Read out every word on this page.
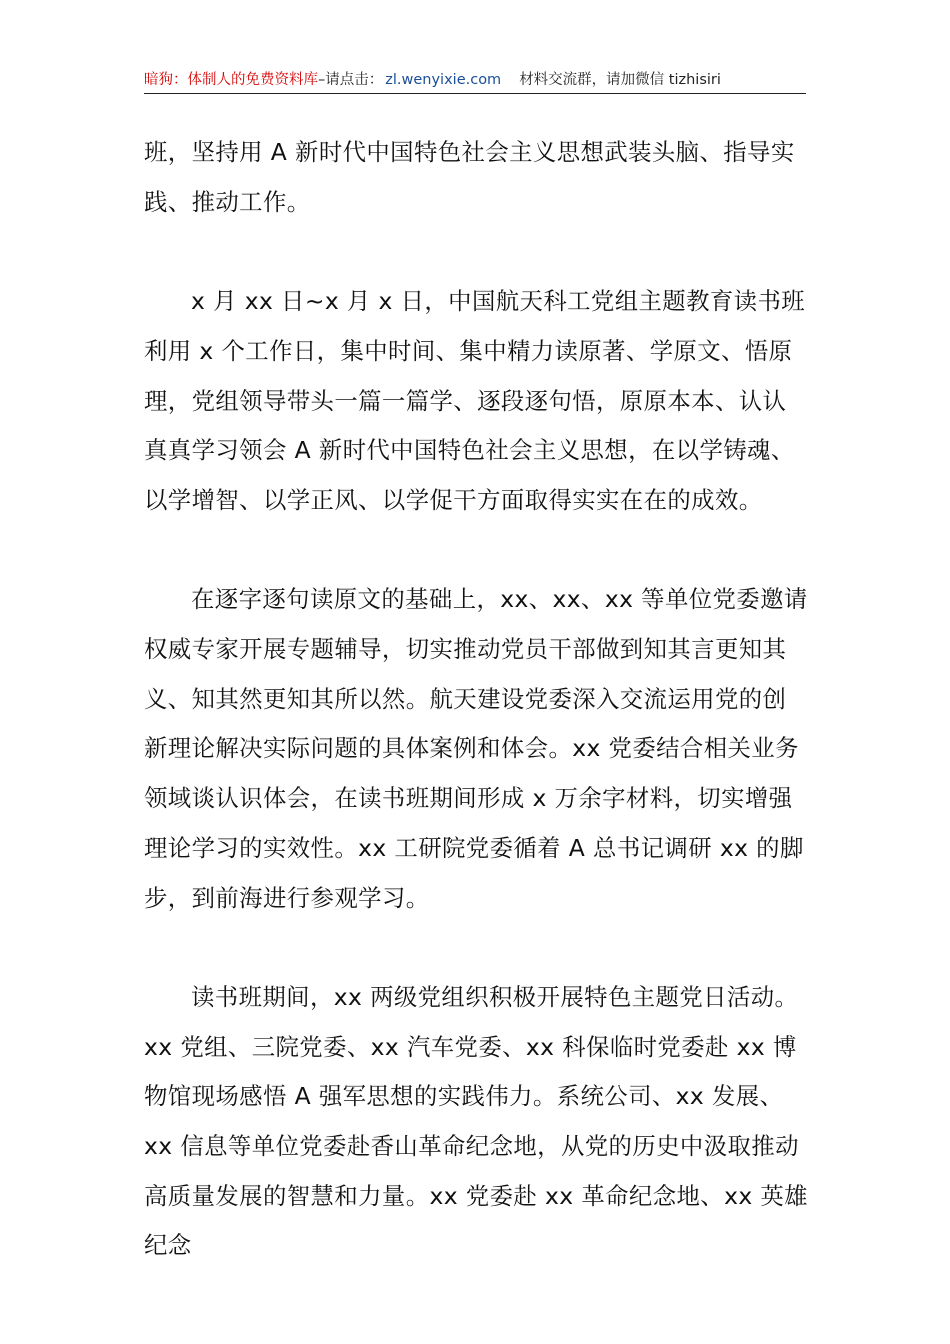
暗狗：体制人的免费资料库 –请点击： zl.wenyixie.com 材料交流群，请加微信 tizhisiri

班，坚持用 A 新时代中国特色社会主义思想武装头脑、指导实践、推动工作。

x 月 xx 日~x 月 x 日，中国航天科工党组主题教育读书班利用 x 个工作日，集中时间、集中精力读原著、学原文、悟原理，党组领导带头一篇一篇学、逐段逐句悟，原原本本、认认真真学习领会 A 新时代中国特色社会主义思想，在以学铸魂、以学增智、以学正风、以学促干方面取得实实在在的成效。

在逐字逐句读原文的基础上，xx、xx、xx 等单位党委邀请权威专家开展专题辅导，切实推动党员干部做到知其言更知其义、知其然更知其所以然。航天建设党委深入交流运用党的创新理论解决实际问题的具体案例和体会。xx 党委结合相关业务领域谈认识体会，在读书班期间形成 x 万余字材料，切实增强理论学习的实效性。xx 工研院党委循着 A 总书记调研 xx 的脚步，到前海进行参观学习。

读书班期间，xx 两级党组织积极开展特色主题党日活动。xx 党组、三院党委、xx 汽车党委、xx 科保临时党委赴 xx 博物馆现场感悟 A 强军思想的实践伟力。系统公司、xx 发展、xx 信息等单位党委赴香山革命纪念地，从党的历史中汲取推动高质量发展的智慧和力量。xx 党委赴 xx 革命纪念地、xx 英雄纪念
